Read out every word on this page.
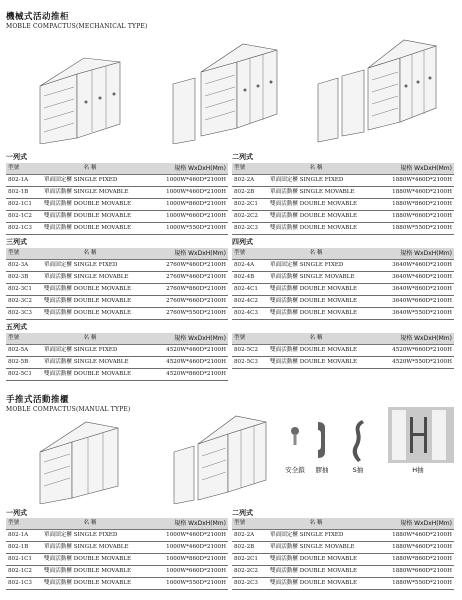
機械式活动推柜
MOBLE COMPACTUS(MECHANICAL TYPE)
一列式
型號	名 稱	規格 WxDxH(Mm)
802-1A	單面固定櫃 SINGLE FIXED	1000W*460D*2100H
802-1B	單面活動櫃 SINGLE MOVABLE	1000W*460D*2100H
802-1C1	雙面活動櫃 DOUBLE MOVABLE	1000W*860D*2100H
802-1C2	雙面活動櫃 DOUBLE MOVABLE	1000W*660D*2100H
802-1C3	雙面活動櫃 DOUBLE MOVABLE	1000W*550D*2100H
二列式
型號	名 稱	規格 WxDxH(Mm)
802-2A	單面固定櫃 SINGLE FIXED	1880W*460D*2100H
802-2B	單面活動櫃 SINGLE MOVABLE	1880W*460D*2100H
802-2C1	雙面活動櫃 DOUBLE MOVABLE	1880W*860D*2100H
802-2C2	雙面活動櫃 DOUBLE MOVABLE	1880W*660D*2100H
802-2C3	雙面活動櫃 DOUBLE MOVABLE	1880W*550D*2100H
三列式
型號	名 稱	規格 WxDxH(Mm)
802-3A	單面固定櫃 SINGLE FIXED	2760W*460D*2100H
802-3B	單面活動櫃 SINGLE MOVABLE	2760W*460D*2100H
802-3C1	雙面活動櫃 DOUBLE MOVABLE	2760W*860D*2100H
802-3C2	雙面活動櫃 DOUBLE MOVABLE	2760W*660D*2100H
802-3C3	雙面活動櫃 DOUBLE MOVABLE	2760W*550D*2100H
四列式
型號	名 稱	規格 WxDxH(Mm)
802-4A	單面固定櫃 SINGLE FIXED	3640W*460D*2100H
802-4B	單面活動櫃 SINGLE MOVABLE	3640W*460D*2100H
802-4C1	雙面活動櫃 DOUBLE MOVABLE	3640W*860D*2100H
802-4C2	雙面活動櫃 DOUBLE MOVABLE	3640W*660D*2100H
802-4C3	雙面活動櫃 DOUBLE MOVABLE	3640W*550D*2100H
五列式
型號	名 稱	規格 WxDxH(Mm)
802-5A	單面固定櫃 SINGLE FIXED	4520W*460D*2100H
802-5B	單面活動櫃 SINGLE MOVABLE	4520W*460D*2100H
802-5C1	雙面活動櫃 DOUBLE MOVABLE	4520W*860D*2100H
型號	名 稱	規格 WxDxH(Mm)
802-5C2	雙面活動櫃 DOUBLE MOVABLE	4520W*660D*2100H
802-5C3	雙面活動櫃 DOUBLE MOVABLE	4520W*550D*2100H
手推式活動推櫃
MOBLE COMPACTUS(MANUAL TYPE)
安全鎖	膠抽	S抽	H抽
一列式
型號	名 稱	規格 WxDxH(Mm)
802-1A	單面固定櫃 SINGLE FIXED	1000W*460D*2100H
802-1B	單面活動櫃 SINGLE MOVABLE	1000W*460D*2100H
802-1C1	雙面活動櫃 DOUBLE MOVABLE	1000W*860D*2100H
802-1C2	雙面活動櫃 DOUBLE MOVABLE	1000W*660D*2100H
802-1C3	雙面活動櫃 DOUBLE MOVABLE	1000W*550D*2100H
二列式
型號	名 稱	規格 WxDxH(Mm)
802-2A	單面固定櫃 SINGLE FIXED	1880W*460D*2100H
802-2B	單面活動櫃 SINGLE MOVABLE	1880W*460D*2100H
802-2C1	雙面活動櫃 DOUBLE MOVABLE	1880W*860D*2100H
802-2C2	雙面活動櫃 DOUBLE MOVABLE	1880W*660D*2100H
802-2C3	雙面活動櫃 DOUBLE MOVABLE	1880W*550D*2100H
